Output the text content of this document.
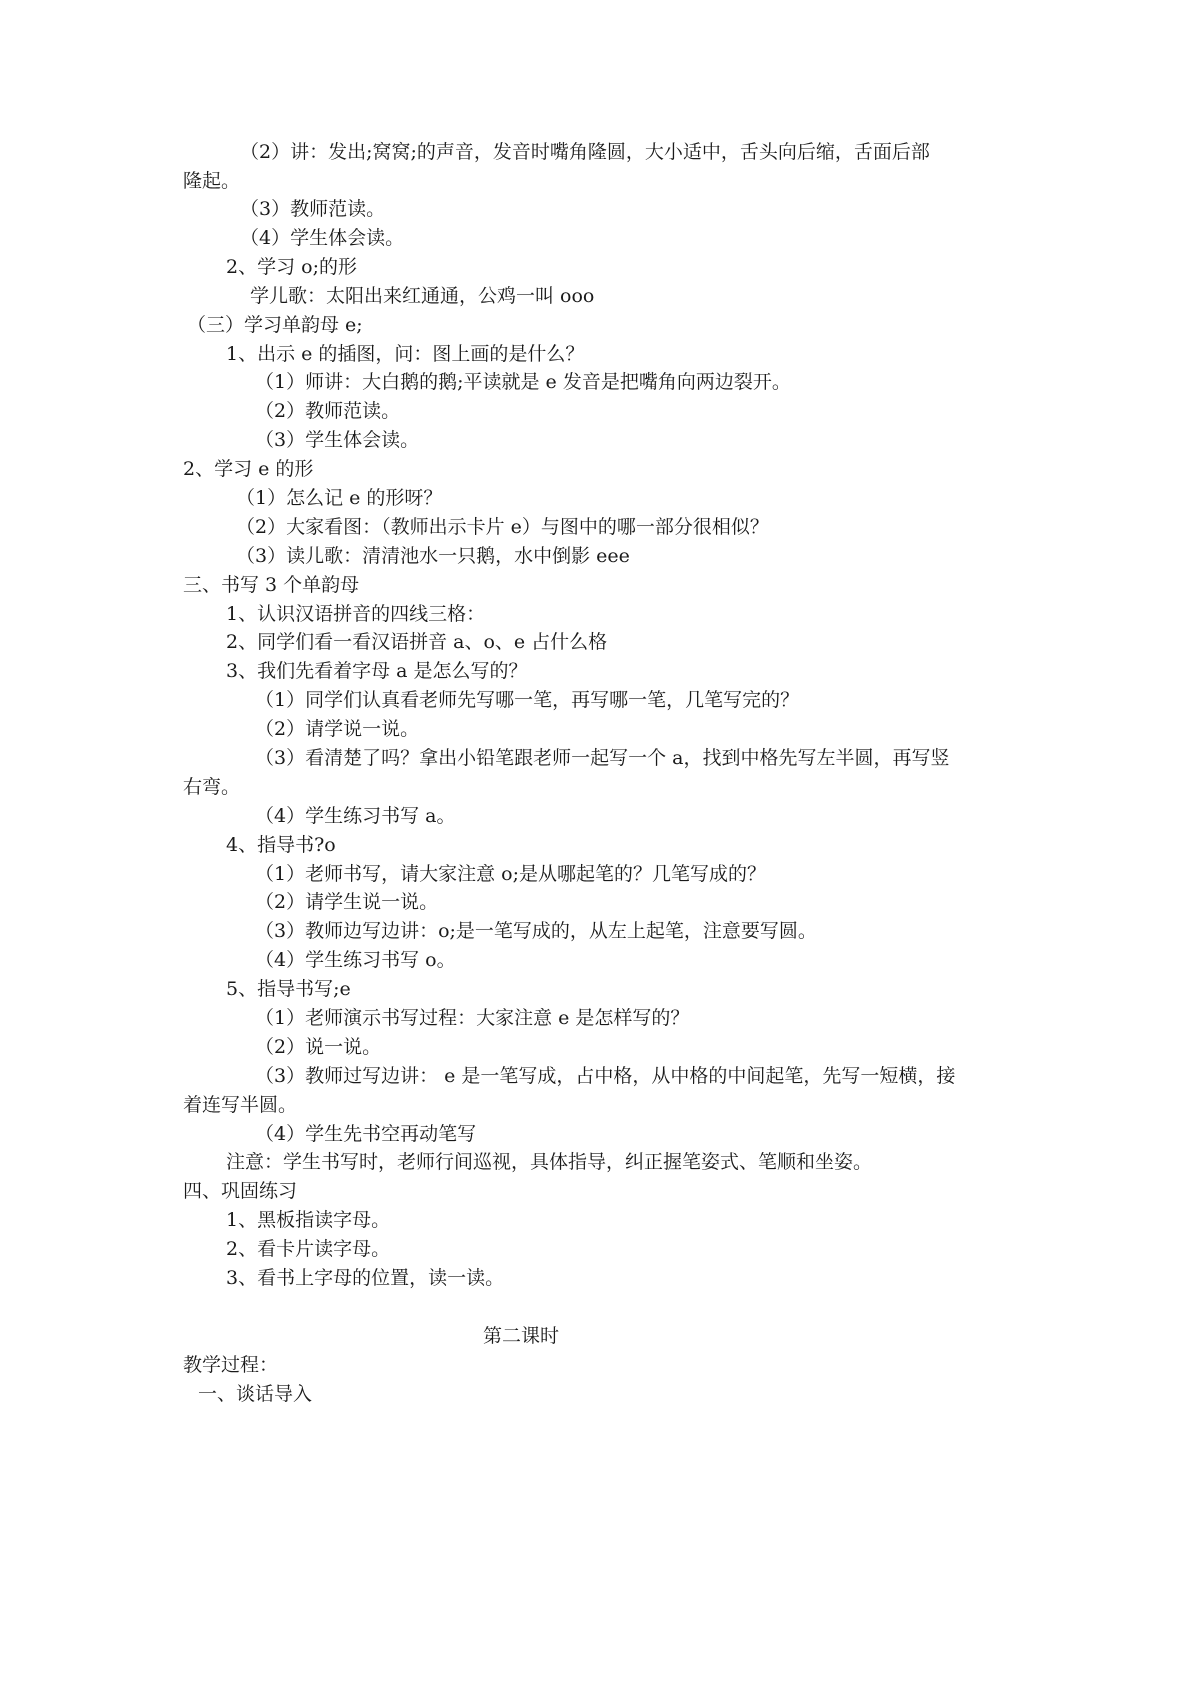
（2）讲：发出;窝窝;的声音，发音时嘴角隆圆，大小适中，舌头向后缩，舌面后部
隆起。
（3）教师范读。
（4）学生体会读。
2、学习 o;的形
学儿歌：太阳出来红通通，公鸡一叫 ooo
（三）学习单韵母 e;
1、出示 e 的插图，问：图上画的是什么？
（1）师讲：大白鹅的鹅;平读就是 e 发音是把嘴角向两边裂开。
（2）教师范读。
（3）学生体会读。
2、学习 e 的形
（1）怎么记 e 的形呀？
（2）大家看图：（教师出示卡片 e）与图中的哪一部分很相似？
（3）读儿歌：清清池水一只鹅，水中倒影 eee
三、书写 3 个单韵母
1、认识汉语拼音的四线三格：
2、同学们看一看汉语拼音 a、o、e 占什么格
3、我们先看着字母 a 是怎么写的？
（1）同学们认真看老师先写哪一笔，再写哪一笔，几笔写完的？
（2）请学说一说。
（3）看清楚了吗？拿出小铅笔跟老师一起写一个 a，找到中格先写左半圆，再写竖
右弯。
（4）学生练习书写 a。
4、指导书?o
（1）老师书写，请大家注意 o;是从哪起笔的？几笔写成的？
（2）请学生说一说。
（3）教师边写边讲：o;是一笔写成的，从左上起笔，注意要写圆。
（4）学生练习书写 o。
5、指导书写;e
（1）老师演示书写过程：大家注意 e 是怎样写的？
（2）说一说。
（3）教师过写边讲： e 是一笔写成，占中格，从中格的中间起笔，先写一短横，接
着连写半圆。
（4）学生先书空再动笔写
注意：学生书写时，老师行间巡视，具体指导，纠正握笔姿式、笔顺和坐姿。
四、巩固练习
1、黑板指读字母。
2、看卡片读字母。
3、看书上字母的位置，读一读。
第二课时
教学过程：
一、谈话导入
